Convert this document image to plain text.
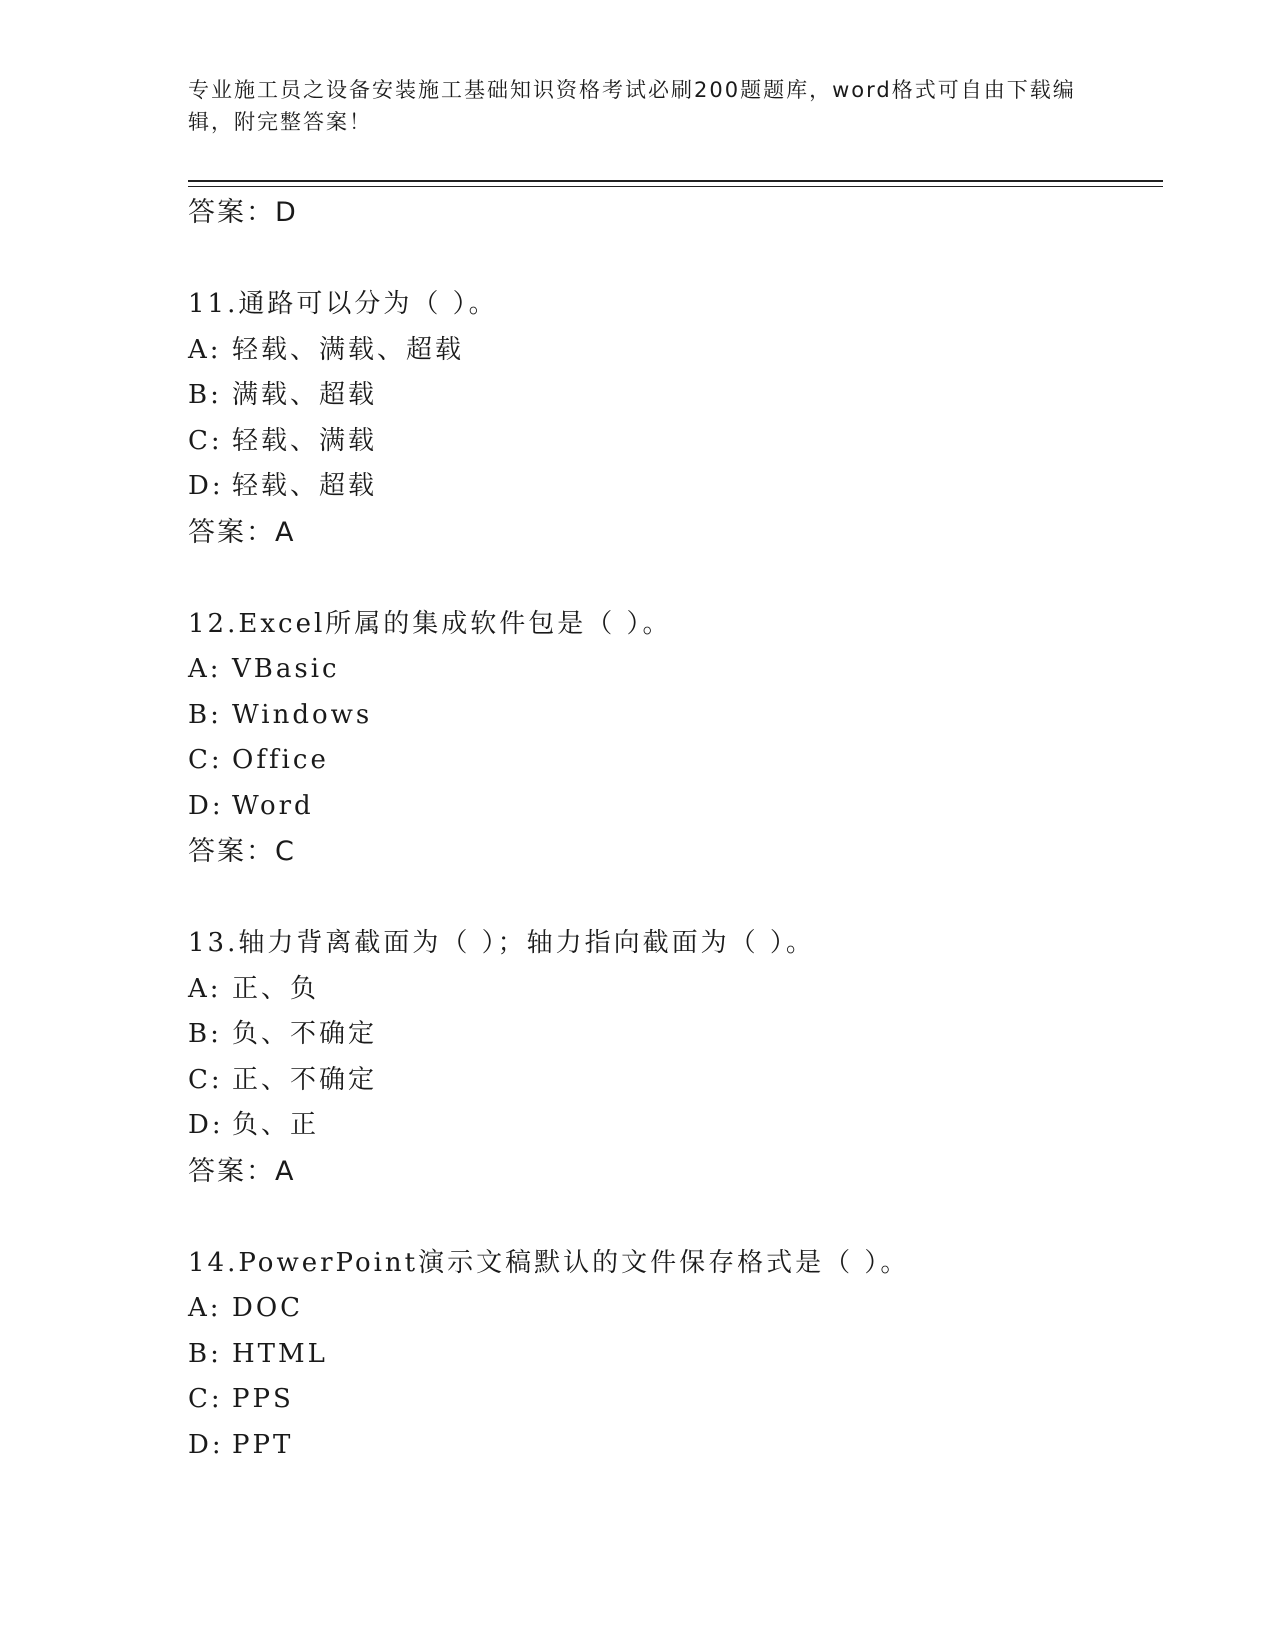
专业施工员之设备安装施工基础知识资格考试必刷200题题库，word格式可自由下载编辑，附完整答案！
答案：D
11.通路可以分为（ ）。
A: 轻载、满载、超载
B: 满载、超载
C: 轻载、满载
D: 轻载、超载
答案：A
12.Excel所属的集成软件包是（ ）。
A: VBasic
B: Windows
C: Office
D: Word
答案：C
13.轴力背离截面为（ ）；轴力指向截面为（ ）。
A: 正、负
B: 负、不确定
C: 正、不确定
D: 负、正
答案：A
14.PowerPoint演示文稿默认的文件保存格式是（ ）。
A: DOC
B: HTML
C: PPS
D: PPT
